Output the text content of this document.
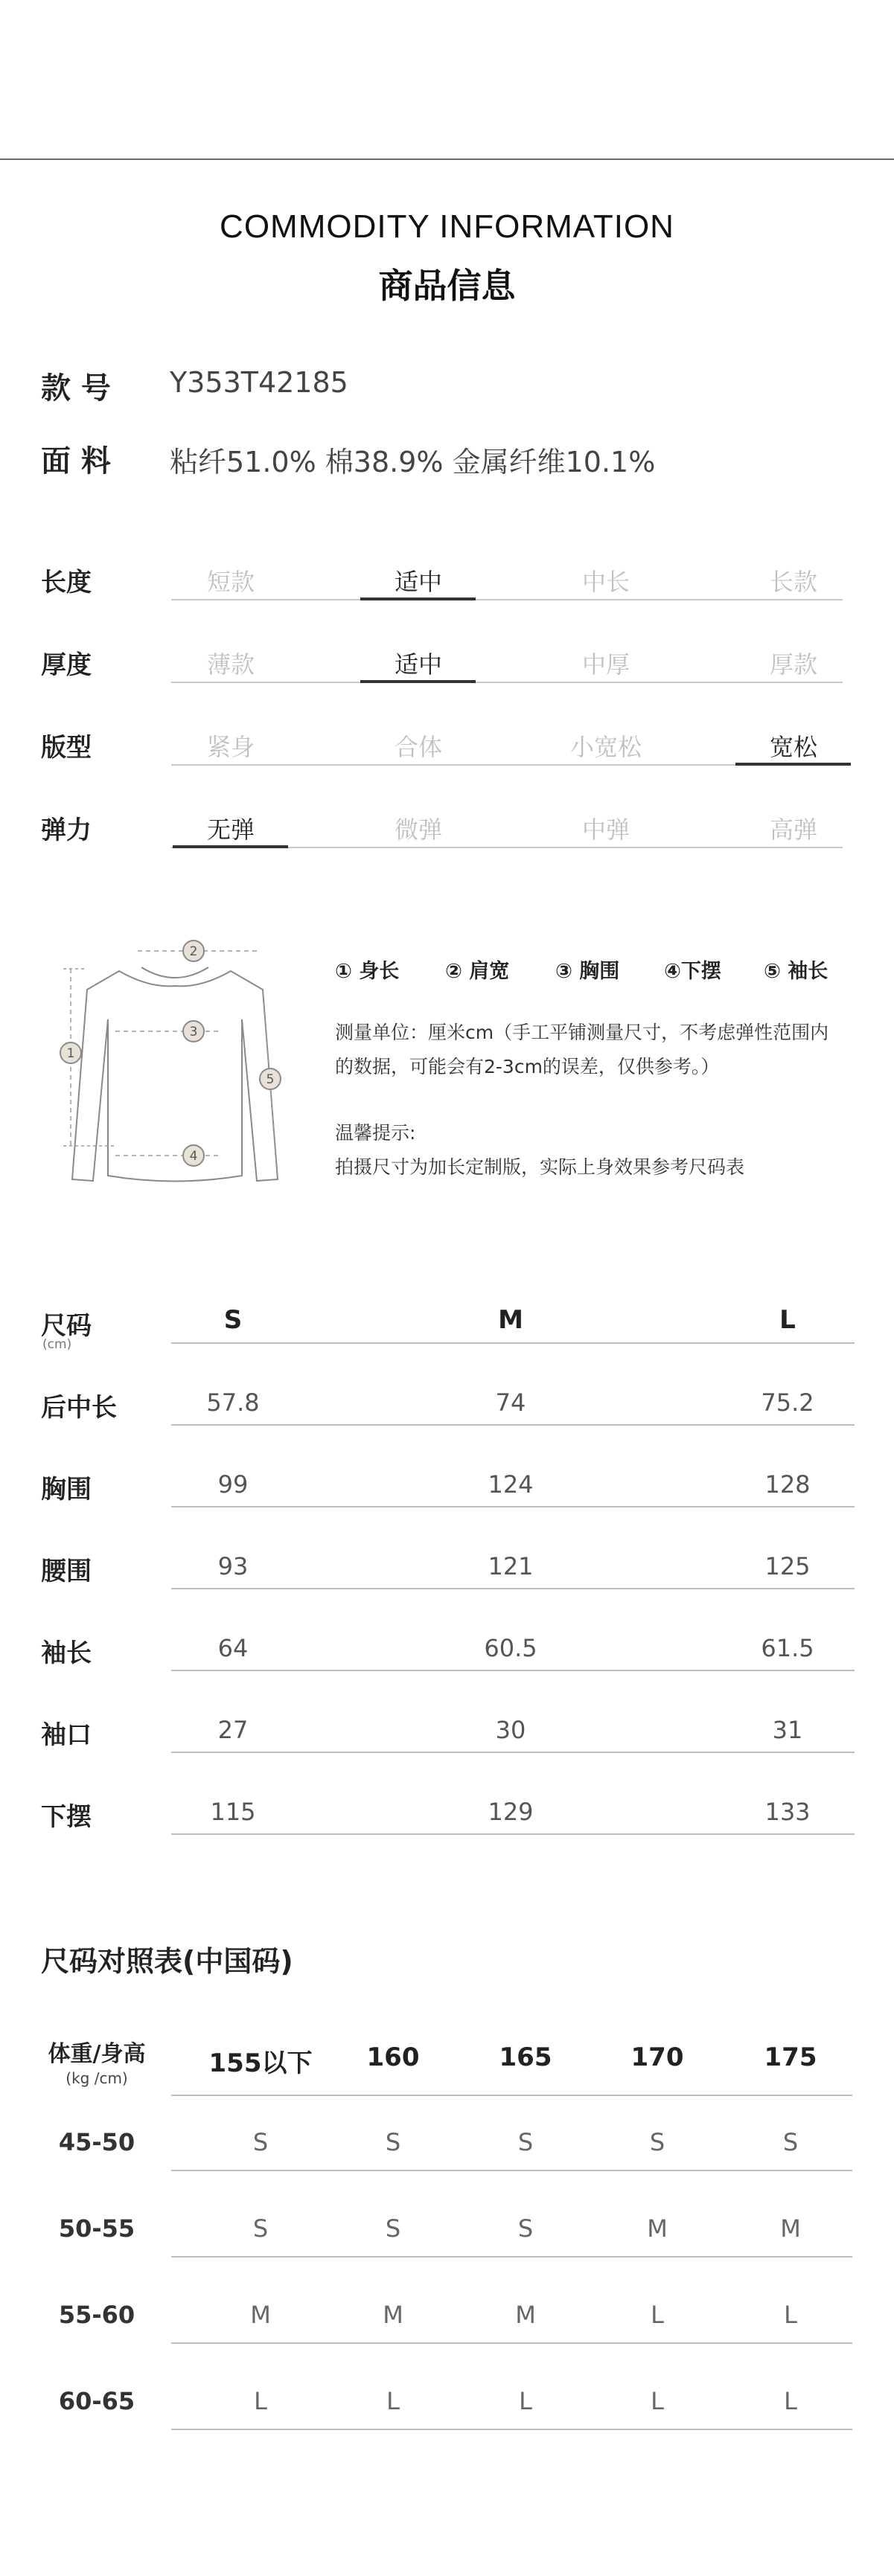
COMMODITY INFORMATION
商品信息
款 号 Y353T42185
面 料 粘纤51.0% 棉38.9% 金属纤维10.1%
长度	短款	适中	中长	长款
厚度	薄款	适中	中厚	厚款
版型	紧身	合体	小宽松	宽松
弹力	无弹	微弹	中弹	高弹
1
2
3
4
5
① 身长 ② 肩宽 ③ 胸围 ④下摆 ⑤ 袖长
测量单位：厘米cm（手工平铺测量尺寸，不考虑弹性范围内
的数据，可能会有2-3cm的误差，仅供参考。）
温馨提示:
拍摄尺寸为加长定制版，实际上身效果参考尺码表
尺码
(cm)
S	M	L
后中长	57.8	74	75.2
胸围	99	124	128
腰围	93	121	125
袖长	64	60.5	61.5
袖口	27	30	31
下摆	115	129	133
尺码对照表(中国码)
体重/身高
(kg /cm)	155以下	160	165	170	175
45-50	S	S	S	S	S
50-55	S	S	S	M	M
55-60	M	M	M	L	L
60-65	L	L	L	L	L
